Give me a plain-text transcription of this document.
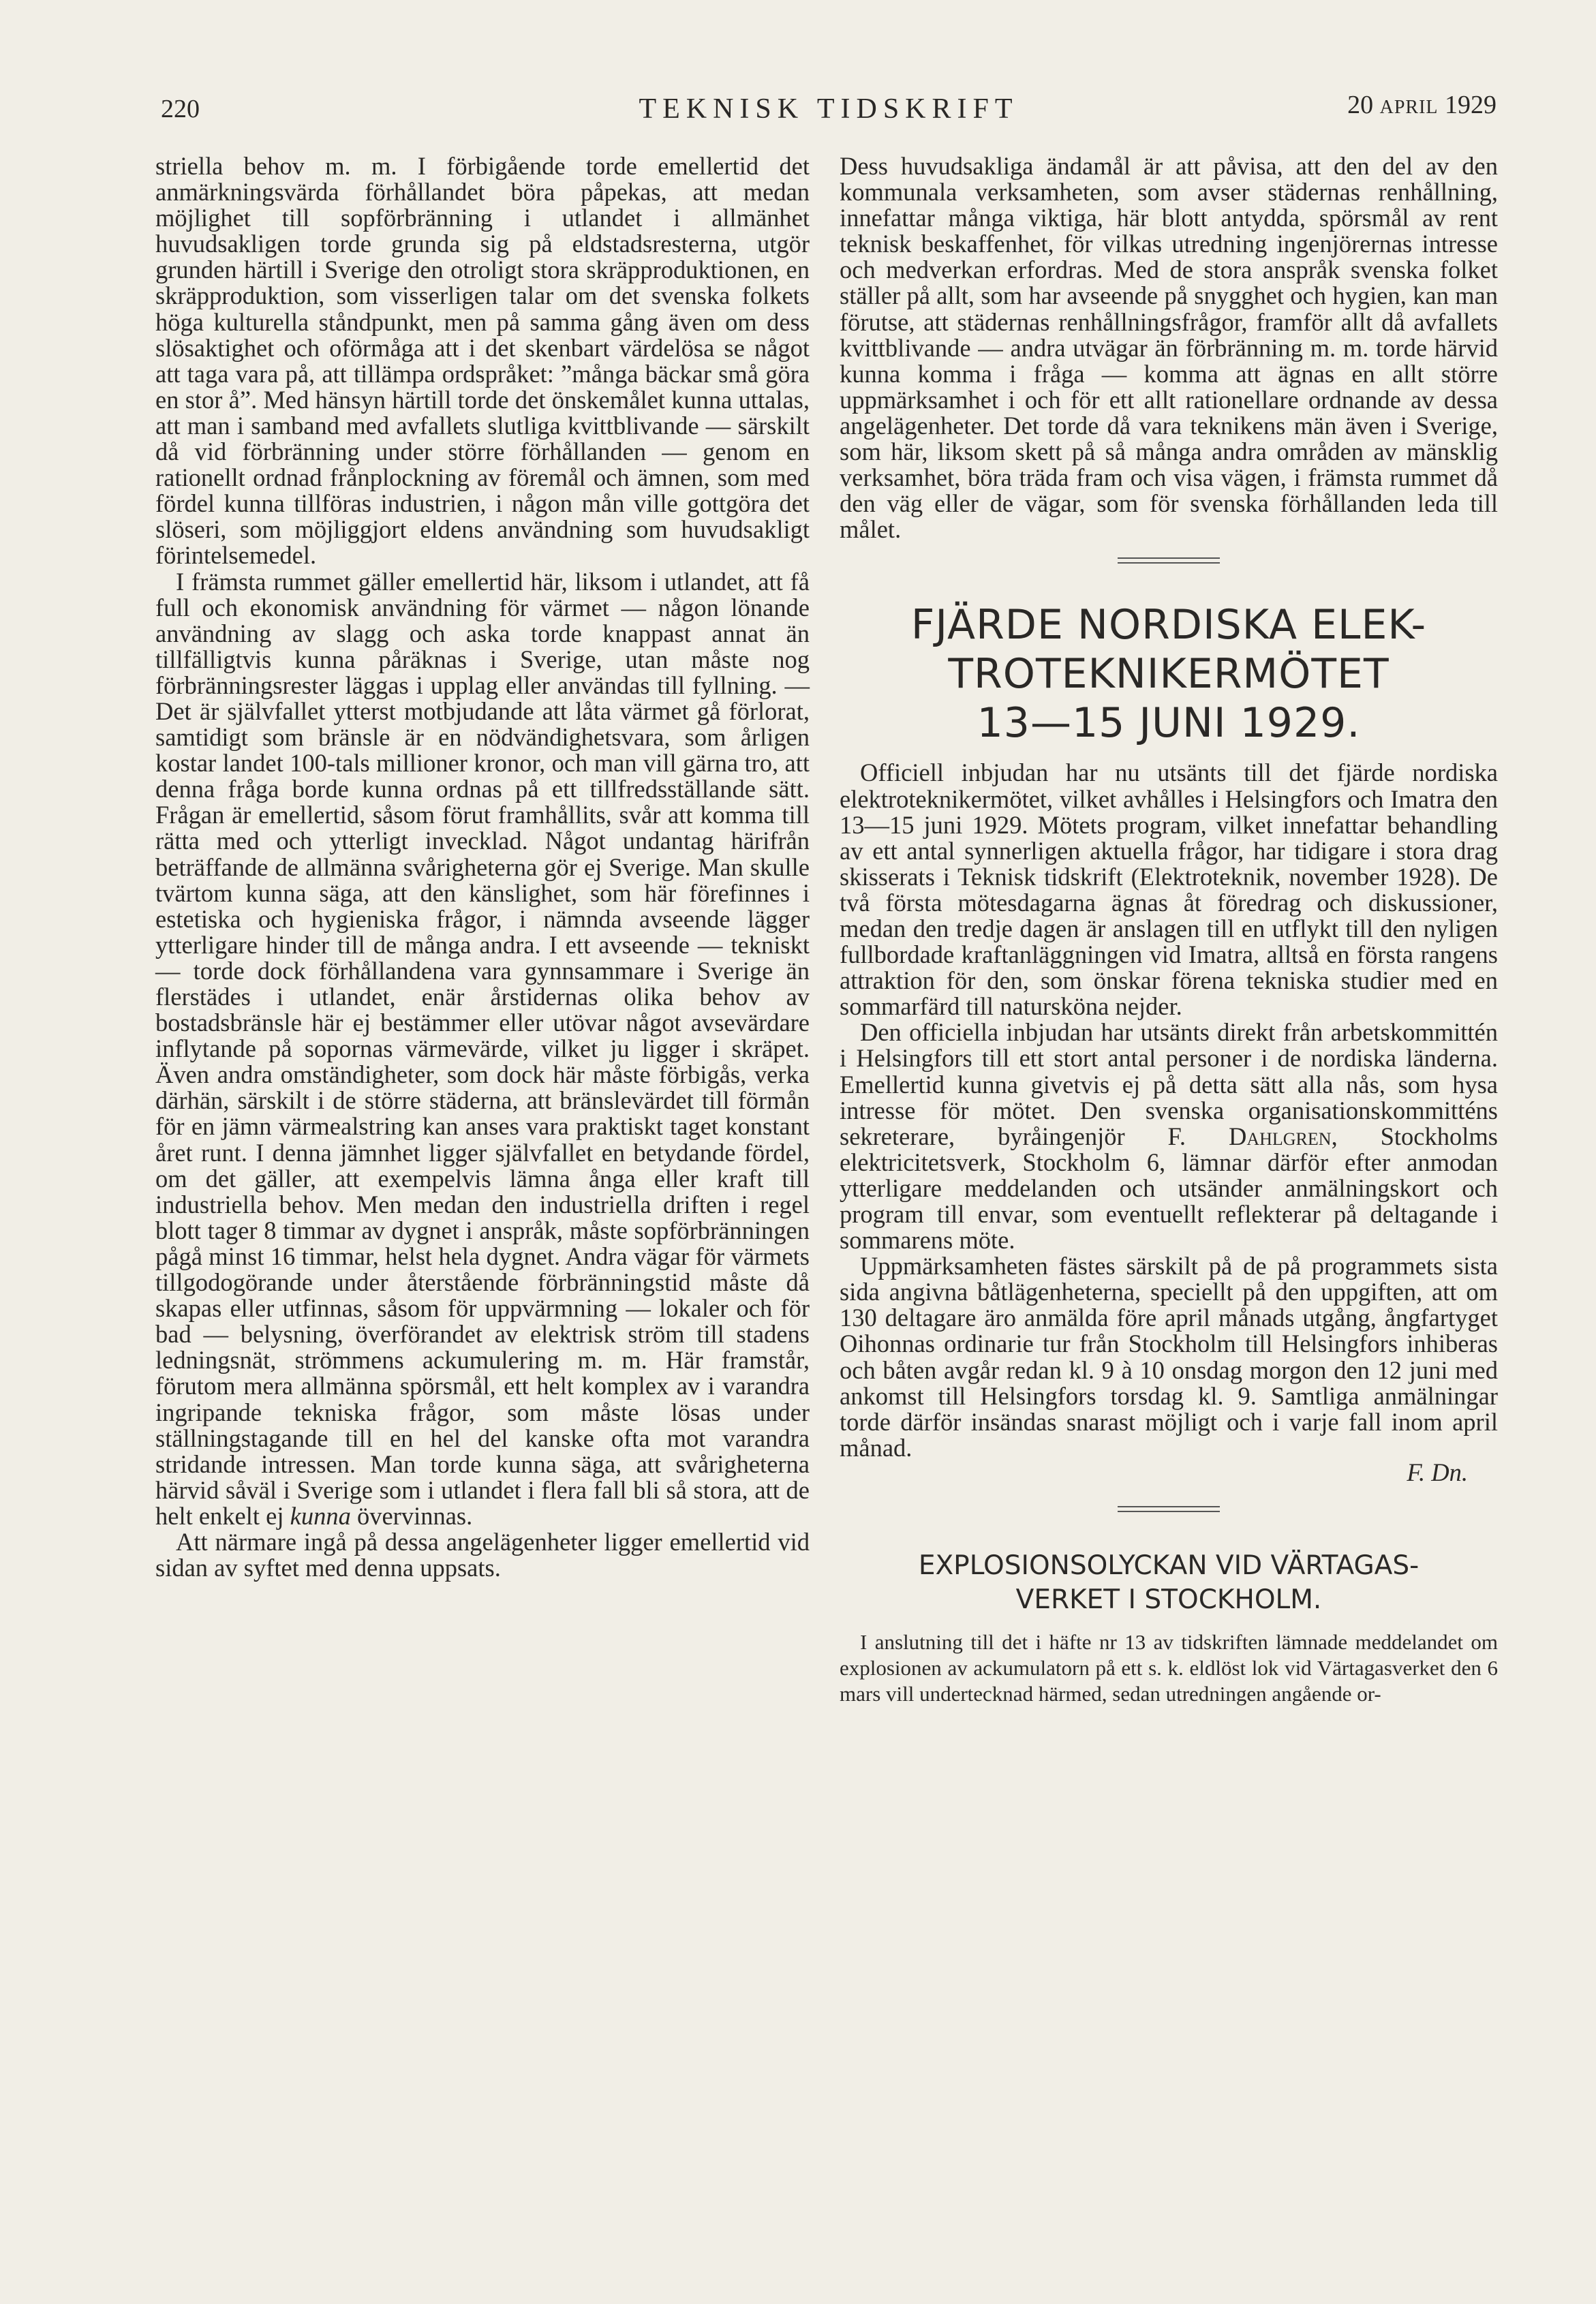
220	TEKNISK TIDSKRIFT	20 APRIL 1929

striella behov m. m. I förbigående torde emellertid det anmärkningsvärda förhållandet böra påpekas, att medan möjlighet till sopförbränning i utlandet i allmänhet huvudsakligen torde grunda sig på eldstadsresterna, utgör grunden härtill i Sverige den otroligt stora skräpproduktionen, en skräpproduktion, som visserligen talar om det svenska folkets höga kulturella ståndpunkt, men på samma gång även om dess slösaktighet och oförmåga att i det skenbart värdelösa se något att taga vara på, att tillämpa ordspråket: ”många bäckar små göra en stor å”. Med hänsyn härtill torde det önskemålet kunna uttalas, att man i samband med avfallets slutliga kvittblivande — särskilt då vid förbränning under större förhållanden — genom en rationellt ordnad frånplockning av föremål och ämnen, som med fördel kunna tillföras industrien, i någon mån ville gottgöra det slöseri, som möjliggjort eldens användning som huvudsakligt förintelsemedel.

I främsta rummet gäller emellertid här, liksom i utlandet, att få full och ekonomisk användning för värmet — någon lönande användning av slagg och aska torde knappast annat än tillfälligtvis kunna påräknas i Sverige, utan måste nog förbränningsrester läggas i upplag eller användas till fyllning. — Det är självfallet ytterst motbjudande att låta värmet gå förlorat, samtidigt som bränsle är en nödvändighetsvara, som årligen kostar landet 100-tals millioner kronor, och man vill gärna tro, att denna fråga borde kunna ordnas på ett tillfredsställande sätt. Frågan är emellertid, såsom förut framhållits, svår att komma till rätta med och ytterligt invecklad. Något undantag härifrån beträffande de allmänna svårigheterna gör ej Sverige. Man skulle tvärtom kunna säga, att den känslighet, som här förefinnes i estetiska och hygieniska frågor, i nämnda avseende lägger ytterligare hinder till de många andra. I ett avseende — tekniskt — torde dock förhållandena vara gynnsammare i Sverige än flerstädes i utlandet, enär årstidernas olika behov av bostadsbränsle här ej bestämmer eller utövar något avsevärdare inflytande på sopornas värmevärde, vilket ju ligger i skräpet. Även andra omständigheter, som dock här måste förbigås, verka därhän, särskilt i de större städerna, att bränslevärdet till förmån för en jämn värmealstring kan anses vara praktiskt taget konstant året runt. I denna jämnhet ligger självfallet en betydande fördel, om det gäller, att exempelvis lämna ånga eller kraft till industriella behov. Men medan den industriella driften i regel blott tager 8 timmar av dygnet i anspråk, måste sopförbränningen pågå minst 16 timmar, helst hela dygnet. Andra vägar för värmets tillgodogörande under återstående förbränningstid måste då skapas eller utfinnas, såsom för uppvärmning — lokaler och för bad — belysning, överförandet av elektrisk ström till stadens ledningsnät, strömmens ackumulering m. m. Här framstår, förutom mera allmänna spörsmål, ett helt komplex av i varandra ingripande tekniska frågor, som måste lösas under ställningstagande till en hel del kanske ofta mot varandra stridande intressen. Man torde kunna säga, att svårigheterna härvid såväl i Sverige som i utlandet i flera fall bli så stora, att de helt enkelt ej kunna övervinnas.

Att närmare ingå på dessa angelägenheter ligger emellertid vid sidan av syftet med denna uppsats.

Dess huvudsakliga ändamål är att påvisa, att den del av den kommunala verksamheten, som avser städernas renhållning, innefattar många viktiga, här blott antydda, spörsmål av rent teknisk beskaffenhet, för vilkas utredning ingenjörernas intresse och medverkan erfordras. Med de stora anspråk svenska folket ställer på allt, som har avseende på snygghet och hygien, kan man förutse, att städernas renhållningsfrågor, framför allt då avfallets kvittblivande — andra utvägar än förbränning m. m. torde härvid kunna komma i fråga — komma att ägnas en allt större uppmärksamhet i och för ett allt rationellare ordnande av dessa angelägenheter. Det torde då vara teknikens män även i Sverige, som här, liksom skett på så många andra områden av mänsklig verksamhet, böra träda fram och visa vägen, i främsta rummet då den väg eller de vägar, som för svenska förhållanden leda till målet.

FJÄRDE NORDISKA ELEK-
TROTEKNIKERMÖTET

13—15 JUNI 1929.

Officiell inbjudan har nu utsänts till det fjärde nordiska elektroteknikermötet, vilket avhålles i Helsingfors och Imatra den 13—15 juni 1929. Mötets program, vilket innefattar behandling av ett antal synnerligen aktuella frågor, har tidigare i stora drag skisserats i Teknisk tidskrift (Elektroteknik, november 1928). De två första mötesdagarna ägnas åt föredrag och diskussioner, medan den tredje dagen är anslagen till en utflykt till den nyligen fullbordade kraftanläggningen vid Imatra, alltså en första rangens attraktion för den, som önskar förena tekniska studier med en sommarfärd till natursköna nejder.

Den officiella inbjudan har utsänts direkt från arbetskommittén i Helsingfors till ett stort antal personer i de nordiska länderna. Emellertid kunna givetvis ej på detta sätt alla nås, som hysa intresse för mötet. Den svenska organisationskommitténs sekreterare, byråingenjör F. Dahlgren, Stockholms elektricitetsverk, Stockholm 6, lämnar därför efter anmodan ytterligare meddelanden och utsänder anmälningskort och program till envar, som eventuellt reflekterar på deltagande i sommarens möte.

Uppmärksamheten fästes särskilt på de på programmets sista sida angivna båtlägenheterna, speciellt på den uppgiften, att om 130 deltagare äro anmälda före april månads utgång, ångfartyget Oihonnas ordinarie tur från Stockholm till Helsingfors inhiberas och båten avgår redan kl. 9 à 10 onsdag morgon den 12 juni med ankomst till Helsingfors torsdag kl. 9. Samtliga anmälningar torde därför insändas snarast möjligt och i varje fall inom april månad.

F. Dn.
EXPLOSIONSOLYCKAN VID VÄRTAGAS-
VERKET I STOCKHOLM.

I anslutning till det i häfte nr 13 av tidskriften lämnade meddelandet om explosionen av ackumulatorn på ett s. k. eldlöst lok vid Värtagasverket den 6 mars vill undertecknad härmed, sedan utredningen angående or-
